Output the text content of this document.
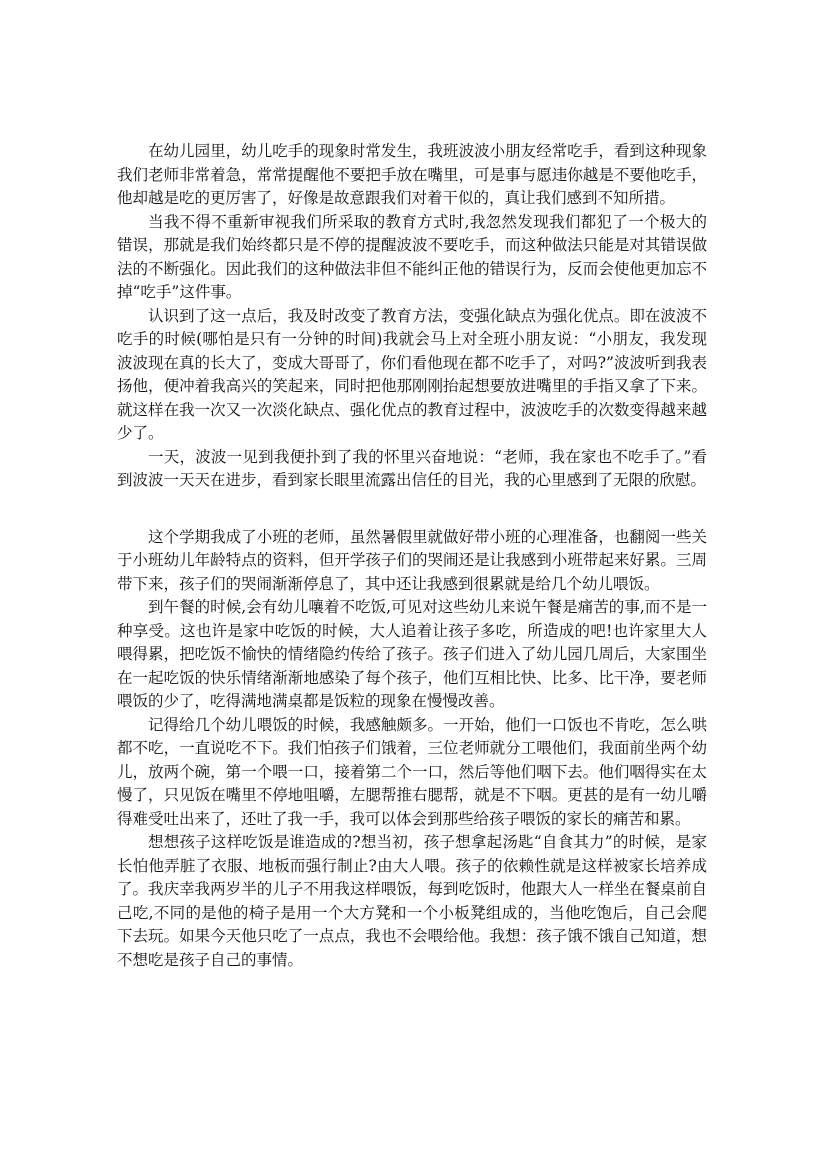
在幼儿园里，幼儿吃手的现象时常发生，我班波波小朋友经常吃手，看到这种现象我们老师非常着急，常常提醒他不要把手放在嘴里，可是事与愿违你越是不要他吃手，他却越是吃的更厉害了，好像是故意跟我们对着干似的，真让我们感到不知所措。

当我不得不重新审视我们所采取的教育方式时,我忽然发现我们都犯了一个极大的错误，那就是我们始终都只是不停的提醒波波不要吃手，而这种做法只能是对其错误做法的不断强化。因此我们的这种做法非但不能纠正他的错误行为，反而会使他更加忘不掉“吃手”这件事。

认识到了这一点后，我及时改变了教育方法，变强化缺点为强化优点。即在波波不吃手的时候(哪怕是只有一分钟的时间)我就会马上对全班小朋友说：“小朋友，我发现波波现在真的长大了，变成大哥哥了，你们看他现在都不吃手了，对吗?”波波听到我表扬他，便冲着我高兴的笑起来，同时把他那刚刚抬起想要放进嘴里的手指又拿了下来。就这样在我一次又一次淡化缺点、强化优点的教育过程中，波波吃手的次数变得越来越少了。

一天，波波一见到我便扑到了我的怀里兴奋地说：“老师，我在家也不吃手了。”看到波波一天天在进步，看到家长眼里流露出信任的目光，我的心里感到了无限的欣慰。

这个学期我成了小班的老师，虽然暑假里就做好带小班的心理准备，也翻阅一些关于小班幼儿年龄特点的资料，但开学孩子们的哭闹还是让我感到小班带起来好累。三周带下来，孩子们的哭闹渐渐停息了，其中还让我感到很累就是给几个幼儿喂饭。

到午餐的时候,会有幼儿嚷着不吃饭,可见对这些幼儿来说午餐是痛苦的事,而不是一种享受。这也许是家中吃饭的时候，大人追着让孩子多吃，所造成的吧!也许家里大人喂得累，把吃饭不愉快的情绪隐约传给了孩子。孩子们进入了幼儿园几周后，大家围坐在一起吃饭的快乐情绪渐渐地感染了每个孩子，他们互相比快、比多、比干净，要老师喂饭的少了，吃得满地满桌都是饭粒的现象在慢慢改善。

记得给几个幼儿喂饭的时候，我感触颇多。一开始，他们一口饭也不肯吃，怎么哄都不吃，一直说吃不下。我们怕孩子们饿着，三位老师就分工喂他们，我面前坐两个幼儿，放两个碗，第一个喂一口，接着第二个一口，然后等他们咽下去。他们咽得实在太慢了，只见饭在嘴里不停地咀嚼，左腮帮推右腮帮，就是不下咽。更甚的是有一幼儿嚼得难受吐出来了，还吐了我一手，我可以体会到那些给孩子喂饭的家长的痛苦和累。

想想孩子这样吃饭是谁造成的?想当初，孩子想拿起汤匙“自食其力”的时候，是家长怕他弄脏了衣服、地板而强行制止?由大人喂。孩子的依赖性就是这样被家长培养成了。我庆幸我两岁半的儿子不用我这样喂饭，每到吃饭时，他跟大人一样坐在餐桌前自己吃,不同的是他的椅子是用一个大方凳和一个小板凳组成的，当他吃饱后，自己会爬下去玩。如果今天他只吃了一点点，我也不会喂给他。我想：孩子饿不饿自己知道，想不想吃是孩子自己的事情。
